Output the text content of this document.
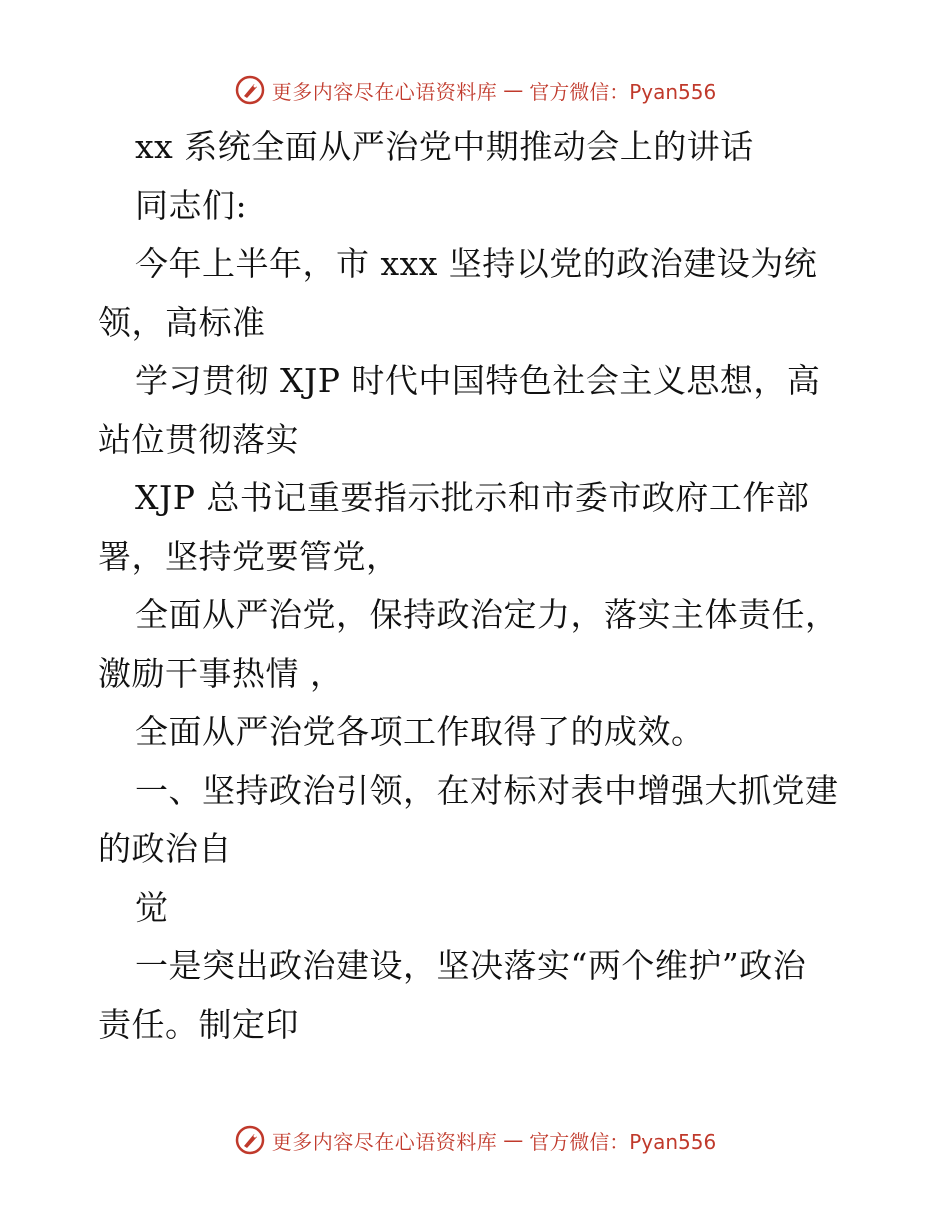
更多内容尽在心语资料库 — 官方微信：Pyan556
xx 系统全面从严治党中期推动会上的讲话
同志们:
今年上半年，市 xxx 坚持以党的政治建设为统
领，高标准
学习贯彻 XJP 时代中国特色社会主义思想，高
站位贯彻落实
XJP 总书记重要指示批示和市委市政府工作部
署，坚持党要管党，
全面从严治党，保持政治定力，落实主体责任，
激励干事热情 ，
全面从严治党各项工作取得了的成效。
一、坚持政治引领，在对标对表中增强大抓党建
的政治自
觉
一是突出政治建设，坚决落实“两个维护”政治
责任。制定印
更多内容尽在心语资料库 — 官方微信：Pyan556
